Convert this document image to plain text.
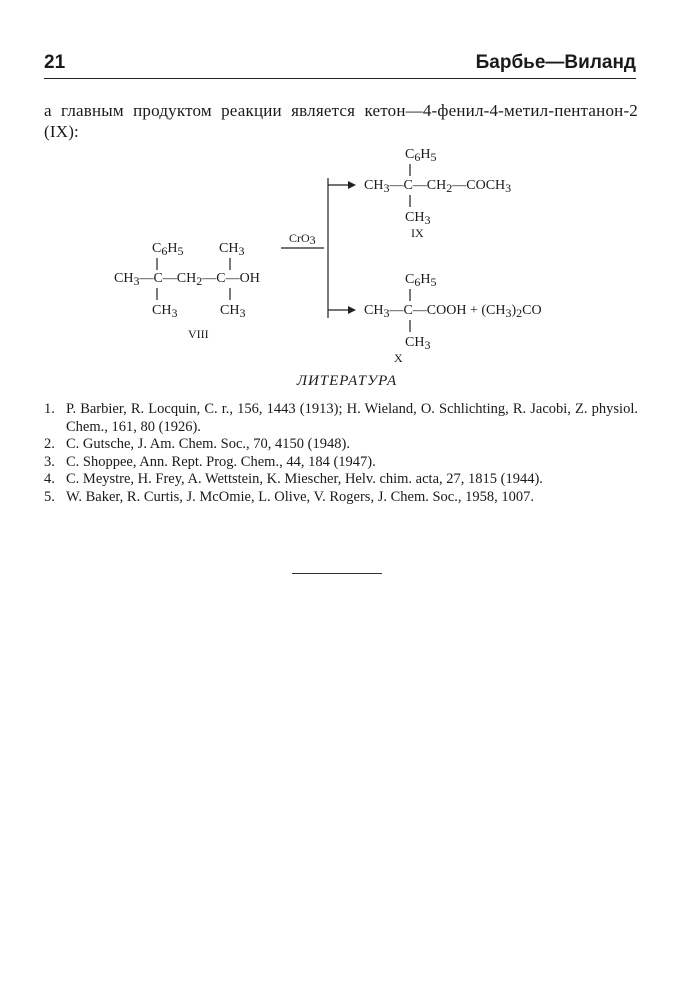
21	Барбье—Виланд
а главным продуктом реакции является кетон—4-фенил-4-метил-пентанон-2 (IX):
C6H5	CH3
CH3—C—CH2—C—OH
CH3	CH3
VIII
CrO3
C6H5
CH3—C—CH2—COCH3
CH3
IX
C6H5
CH3—C—COOH + (CH3)2CO
CH3
X
ЛИТЕРАТУРА
1. P. Barbier, R. Locquin, C. r., 156, 1443 (1913); H. Wieland, O. Schlichting, R. Jacobi, Z. physiol. Chem., 161, 80 (1926).
2. C. Gutsche, J. Am. Chem. Soc., 70, 4150 (1948).
3. C. Shoppee, Ann. Rept. Prog. Chem., 44, 184 (1947).
4. C. Meystre, H. Frey, A. Wettstein, K. Miescher, Helv. chim. acta, 27, 1815 (1944).
5. W. Baker, R. Curtis, J. McOmie, L. Olive, V. Rogers, J. Chem. Soc., 1958, 1007.
